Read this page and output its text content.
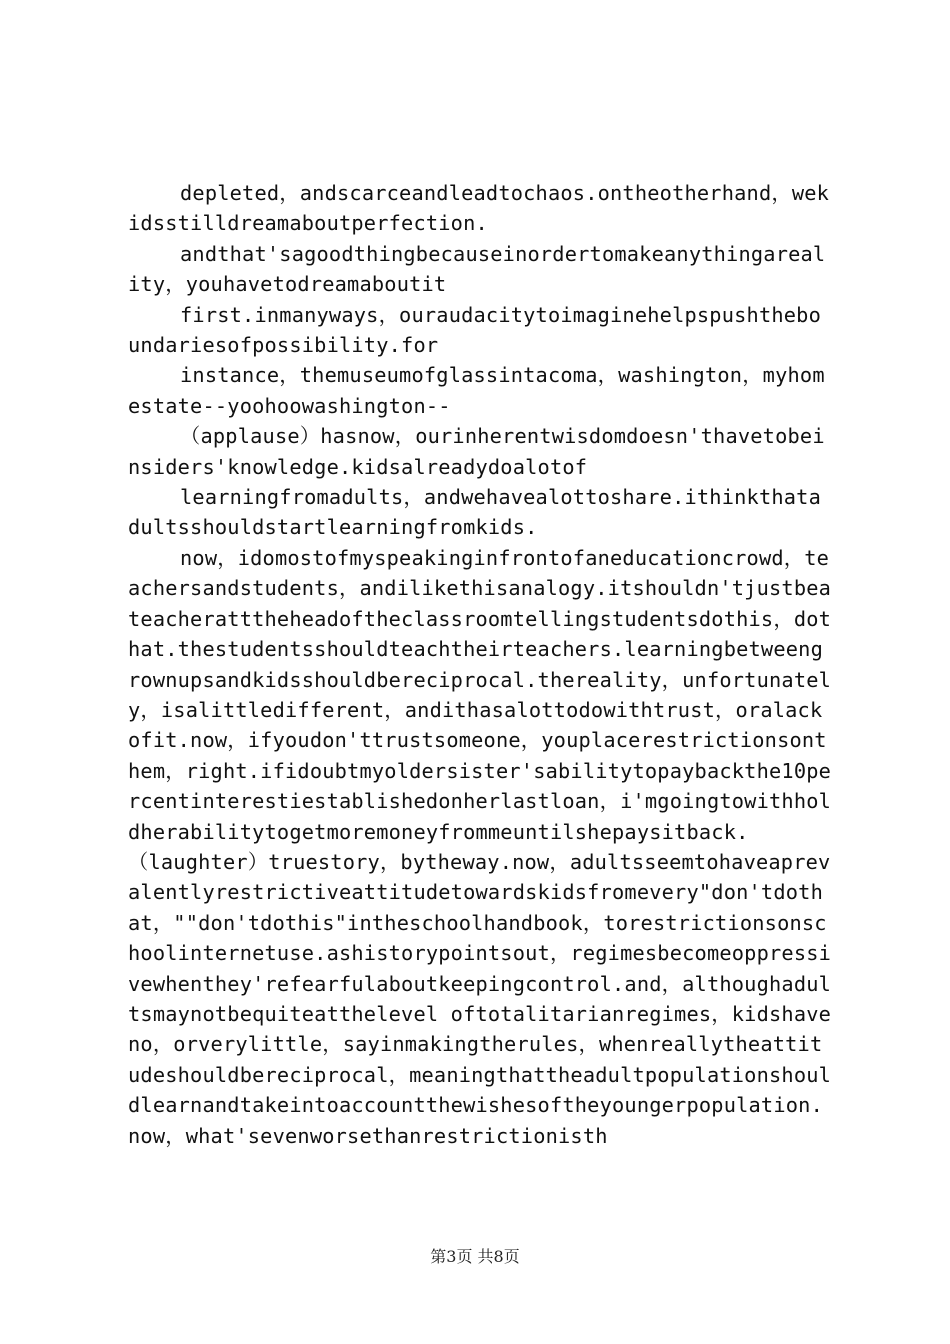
depleted，andscarceandleadtochaos.ontheotherhand，wekidsstilldreamaboutperfection.

andthat'sagoodthingbecauseinordertomakeanythingareality，youhavetodreamaboutit

first.inmanyways，ouraudacitytoimaginehelpspushtheboundariesofpossibility.for

instance，themuseumofglassintacoma，washington，myhomestate--yoohoowashington--

（applause）hasnow，ourinherentwisdomdoesn'thavetobeinsiders'knowledge.kidsalreadydoalotof

learningfromadults，andwehavealottoshare.ithinkthatadultsshouldstartlearningfromkids.

now，idomostofmyspeakinginfrontofaneducationcrowd，teachersandstudents，andilikethisanalogy.itshouldn'tjustbeateacheratttheheadoftheclassroomtellingstudentsdothis，dothat.thestudentsshouldteachtheirteachers.learningbetweengrownupsandkidsshouldbereciprocal.thereality，unfortunately，isalittledifferent，andithasalottodowithtrust，oralackofit.now，ifyoudon'ttrustsomeone，youplacerestrictionsonthem，right.ifidoubtmyoldersister'sabilitytopaybackthe10percentinterestiestablishedonherlastloan，i'mgoingtowithholdherabilitytogetmoremoneyfrommeuntilshepaysitback.

（laughter）truestory，bytheway.now，adultsseemtohaveaprevalentlyrestrictiveattitudetowardskidsfromevery"don'tdothat，""don'tdothis"intheschoolhandbook，torestrictionsonschoolinternetuse.ashistorypointsout，regimesbecomeoppressivewhenthey'refearfulaboutkeepingcontrol.and，althoughadultsmaynotbequiteatthelevel oftotalitarianregimes，kidshaveno，orverylittle，sayinmakingtherules，whenreallytheattitudeshouldbereciprocal，meaningthattheadultpopulationshouldlearnandtakeintoaccountthewishesoftheyoungerpopulation.now，what'sevenworsethanrestrictionisth

第3页 共8页
